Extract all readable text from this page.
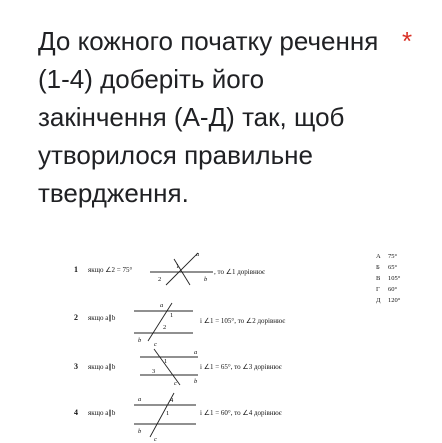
До кожного початку речення
(1-4) доберіть його
закінчення (А-Д) так, щоб
утворилося правильне
твердження.
*
1 якщо ∠2 = 75°
a
b
1
2
, то ∠1 дорівнює
А 75°
Б 65°
В 105°
Г 60°
Д 120°
2 якщо a∥b
a
b
c
1
2
і ∠1 = 105°, то ∠2 дорівнює
3 якщо a∥b
a
b
c
1
3
і ∠1 = 65°, то ∠3 дорівнює
4 якщо a∥b
a
b
c
4
1	і ∠1 = 60°, то ∠4 дорівнює
